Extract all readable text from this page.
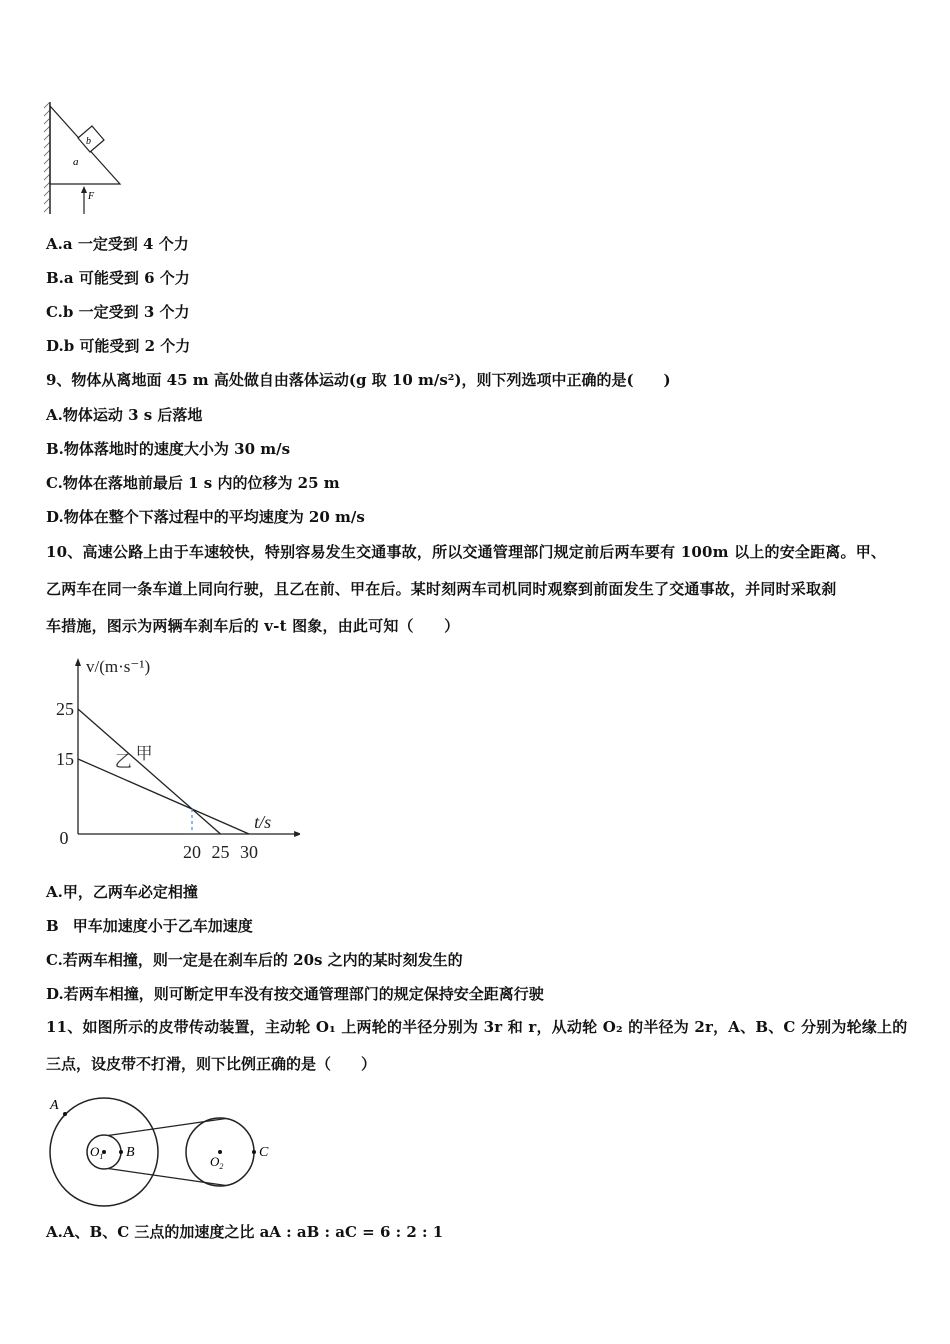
b
a
F
A.a 一定受到 4 个力
B.a 可能受到 6 个力
C.b 一定受到 3 个力
D.b 可能受到 2 个力
9、物体从离地面 45 m 高处做自由落体运动(g 取 10 m/s²)，则下列选项中正确的是(　　)
A.物体运动 3 s 后落地
B.物体落地时的速度大小为 30 m/s
C.物体在落地前最后 1 s 内的位移为 25 m
D.物体在整个下落过程中的平均速度为 20 m/s
10、高速公路上由于车速较快，特别容易发生交通事故，所以交通管理部门规定前后两车要有 100m 以上的安全距离。甲、
乙两车在同一条车道上同向行驶，且乙在前、甲在后。某时刻两车司机同时观察到前面发生了交通事故，并同时采取刹
车措施，图示为两辆车刹车后的 v-t 图象，由此可知（　　）
甲
乙
20 25 30
25
15
0
v/(m·s⁻¹)
t/s
A.甲，乙两车必定相撞
B 甲车加速度小于乙车加速度
C.若两车相撞，则一定是在刹车后的 20s 之内的某时刻发生的
D.若两车相撞，则可断定甲车没有按交通管理部门的规定保持安全距离行驶
11、如图所示的皮带传动装置，主动轮 O₁ 上两轮的半径分别为 3r 和 r，从动轮 O₂ 的半径为 2r，A、B、C 分别为轮缘上的
三点，设皮带不打滑，则下比例正确的是（　　）
A
B	C
$O_1$	$O_2$
A.A、B、C 三点的加速度之比 aA : aB : aC = 6 : 2 : 1
